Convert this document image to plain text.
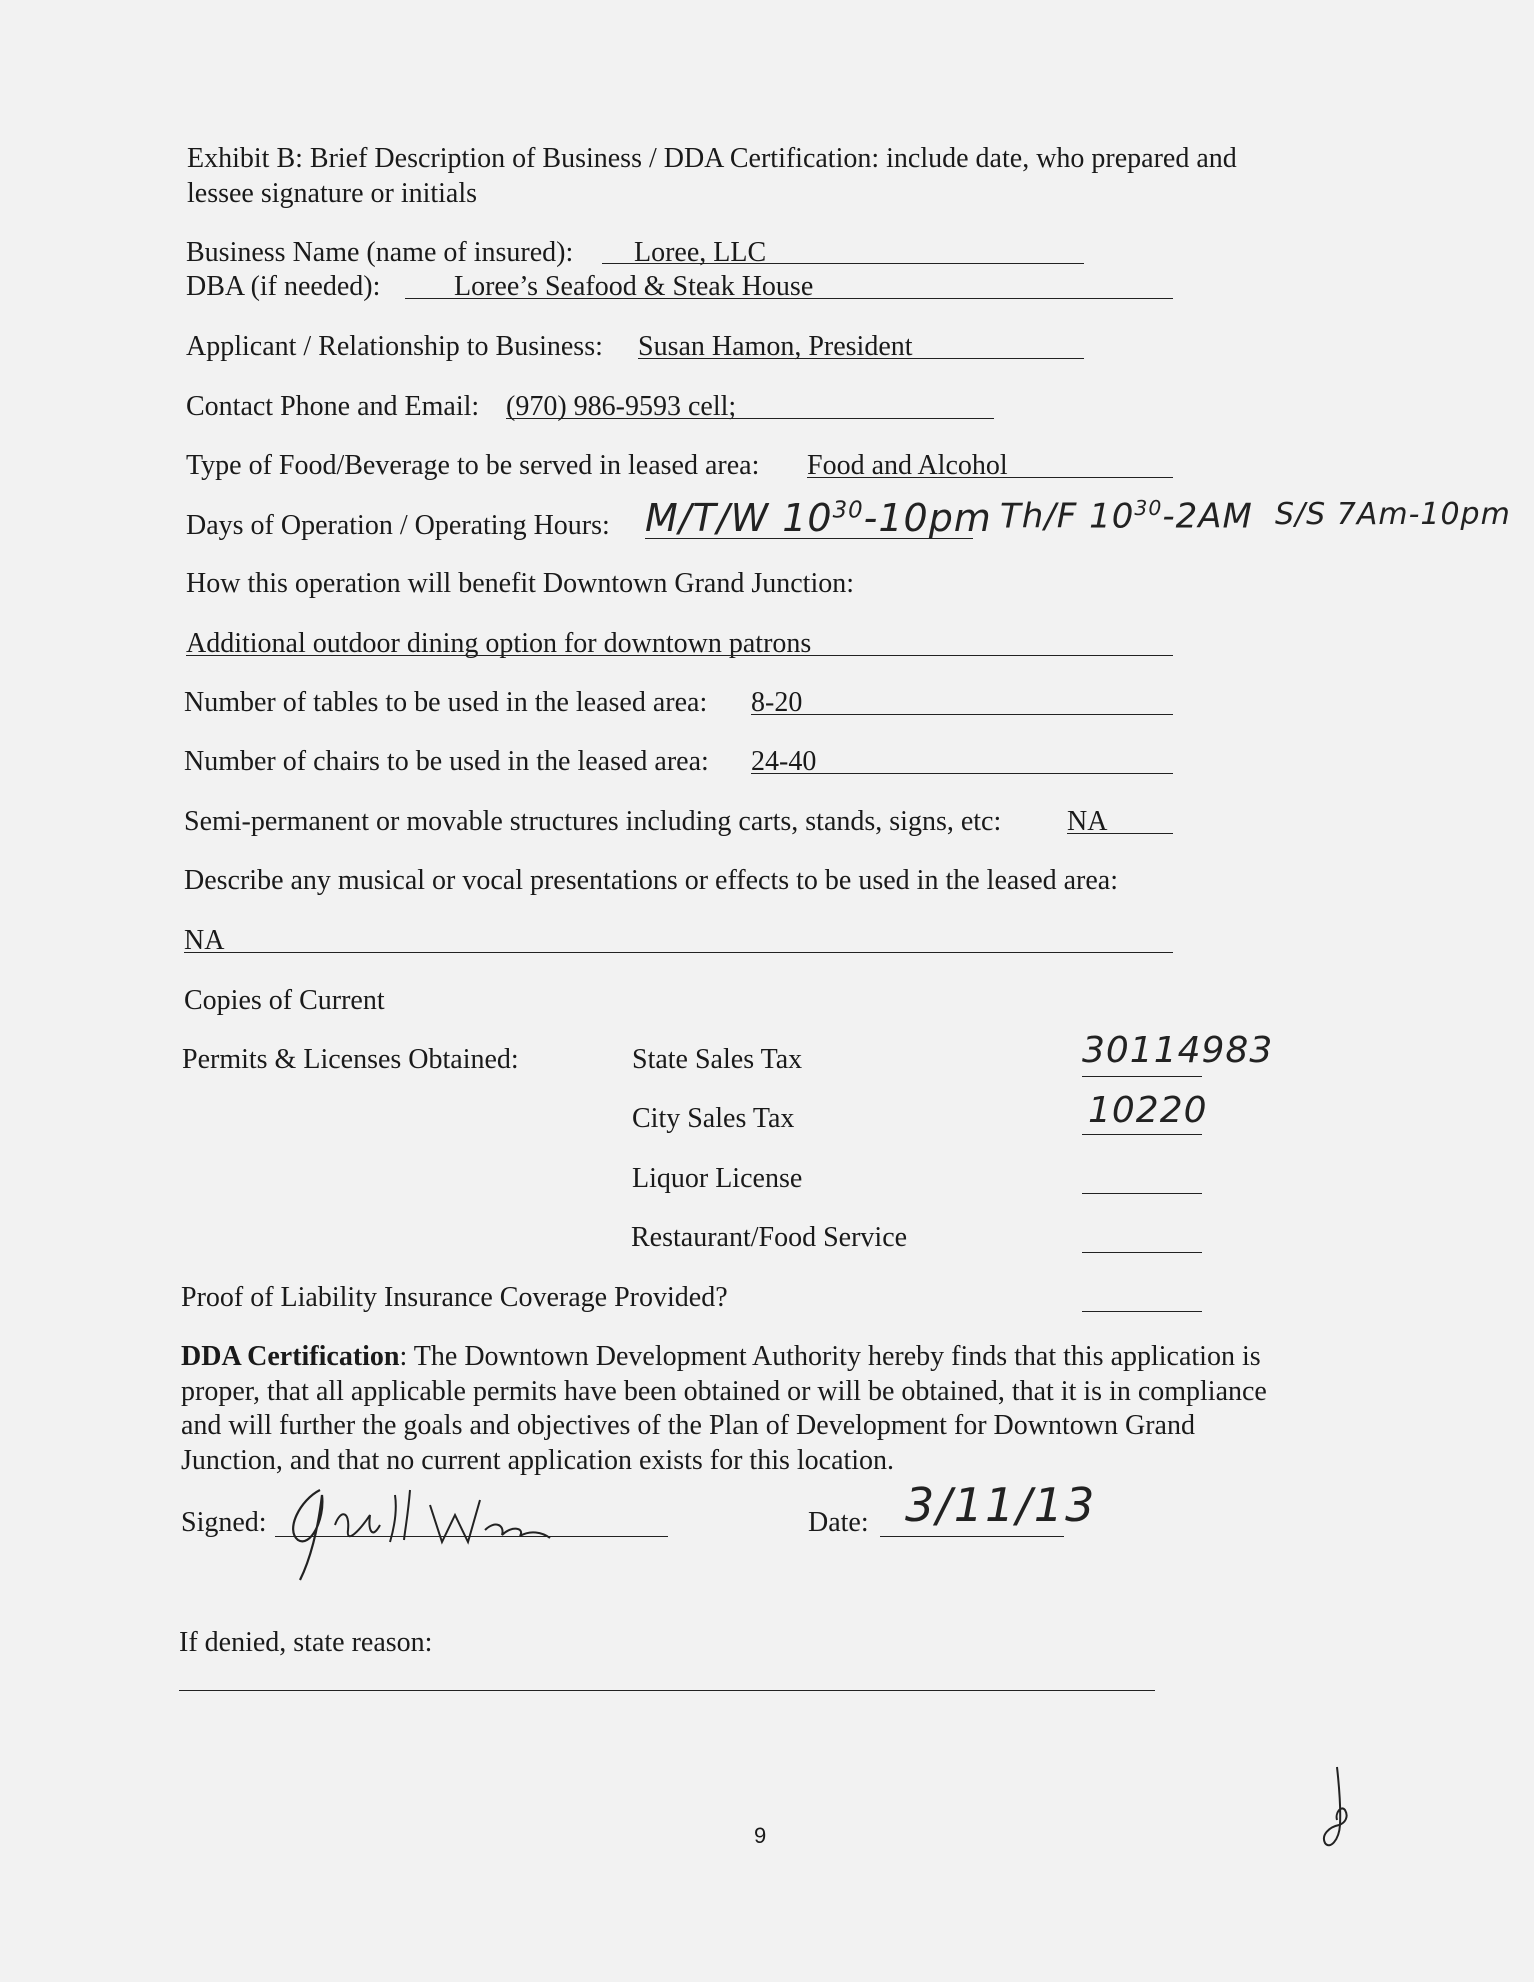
Exhibit B: Brief Description of Business / DDA Certification: include date, who prepared and
lessee signature or initials
Business Name (name of insured): Loree, LLC
DBA (if needed):	Loree’s Seafood & Steak House
Applicant / Relationship to Business: Susan Hamon, President
Contact Phone and Email: (970) 986-9593 cell;
Type of Food/Beverage to be served in leased area: Food and Alcohol
Days of Operation / Operating Hours: M/T/W $10^{30}-10pm$ Th/F $10^{30}-2AM$ S/S 7Am-10pm
How this operation will benefit Downtown Grand Junction:
Additional outdoor dining option for downtown patrons
Number of tables to be used in the leased area: 8-20
Number of chairs to be used in the leased area: 24-40
Semi-permanent or movable structures including carts, stands, signs, etc: NA
Describe any musical or vocal presentations or effects to be used in the leased area:
NA
Copies of Current
Permits & Licenses Obtained:	State Sales Tax	30114983
City Sales Tax	10220
Liquor License
Restaurant/Food Service
Proof of Liability Insurance Coverage Provided?
DDA Certification: The Downtown Development Authority hereby finds that this application is
proper, that all applicable permits have been obtained or will be obtained, that it is in compliance
and will further the goals and objectives of the Plan of Development for Downtown Grand
Junction, and that no current application exists for this location.
Signed:	Date: 3/11/13
If denied, state reason:
9
